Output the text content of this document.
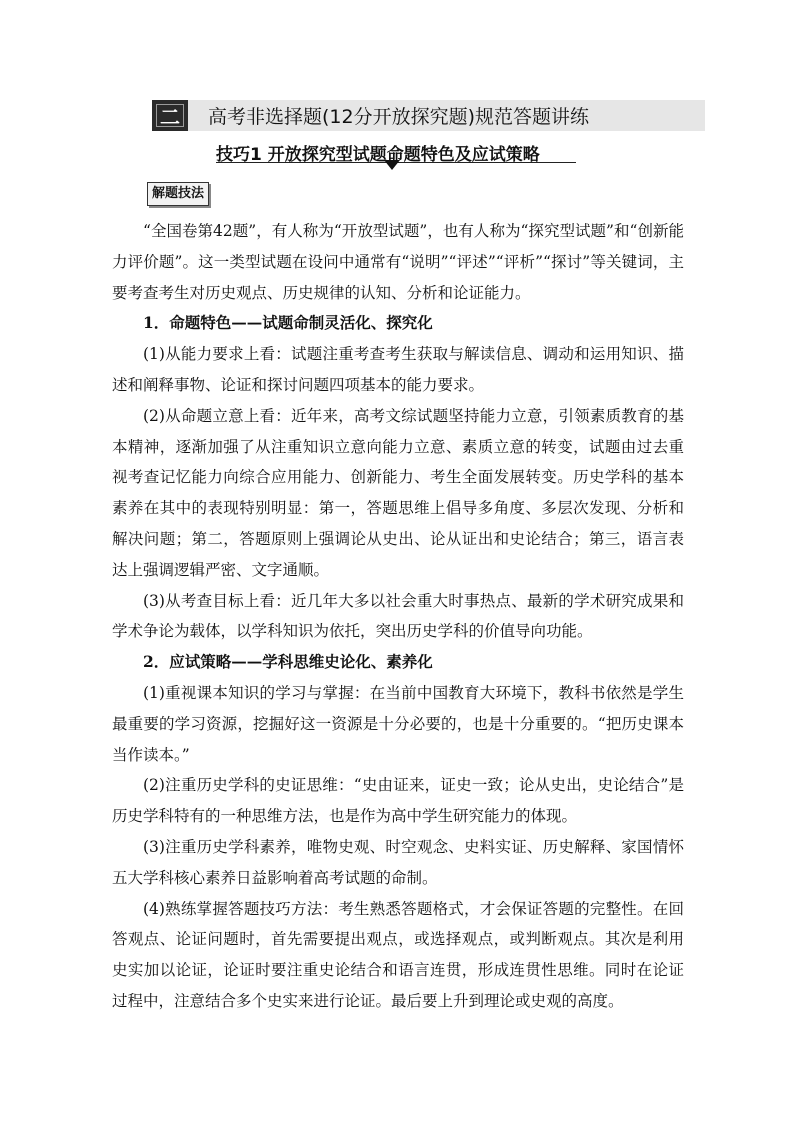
二 高考非选择题(12分开放探究题)规范答题讲练
技巧1 开放探究型试题命题特色及应试策略
解题技法

“全国卷第42题”，有人称为“开放型试题”，也有人称为“探究型试题”和“创新能力评价题”。这一类型试题在设问中通常有“说明”“评述”“评析”“探讨”等关键词，主要考查考生对历史观点、历史规律的认知、分析和论证能力。

1．命题特色——试题命制灵活化、探究化

(1)从能力要求上看：试题注重考查考生获取与解读信息、调动和运用知识、描述和阐释事物、论证和探讨问题四项基本的能力要求。

(2)从命题立意上看：近年来，高考文综试题坚持能力立意，引领素质教育的基本精神，逐渐加强了从注重知识立意向能力立意、素质立意的转变，试题由过去重视考查记忆能力向综合应用能力、创新能力、考生全面发展转变。历史学科的基本素养在其中的表现特别明显：第一，答题思维上倡导多角度、多层次发现、分析和解决问题；第二，答题原则上强调论从史出、论从证出和史论结合；第三，语言表达上强调逻辑严密、文字通顺。

(3)从考查目标上看：近几年大多以社会重大时事热点、最新的学术研究成果和学术争论为载体，以学科知识为依托，突出历史学科的价值导向功能。

2．应试策略——学科思维史论化、素养化

(1)重视课本知识的学习与掌握：在当前中国教育大环境下，教科书依然是学生最重要的学习资源，挖掘好这一资源是十分必要的，也是十分重要的。“把历史课本当作读本。”

(2)注重历史学科的史证思维：“史由证来，证史一致；论从史出，史论结合”是历史学科特有的一种思维方法，也是作为高中学生研究能力的体现。

(3)注重历史学科素养，唯物史观、时空观念、史料实证、历史解释、家国情怀五大学科核心素养日益影响着高考试题的命制。

(4)熟练掌握答题技巧方法：考生熟悉答题格式，才会保证答题的完整性。在回答观点、论证问题时，首先需要提出观点，或选择观点，或判断观点。其次是利用史实加以论证，论证时要注重史论结合和语言连贯，形成连贯性思维。同时在论证过程中，注意结合多个史实来进行论证。最后要上升到理论或史观的高度。
